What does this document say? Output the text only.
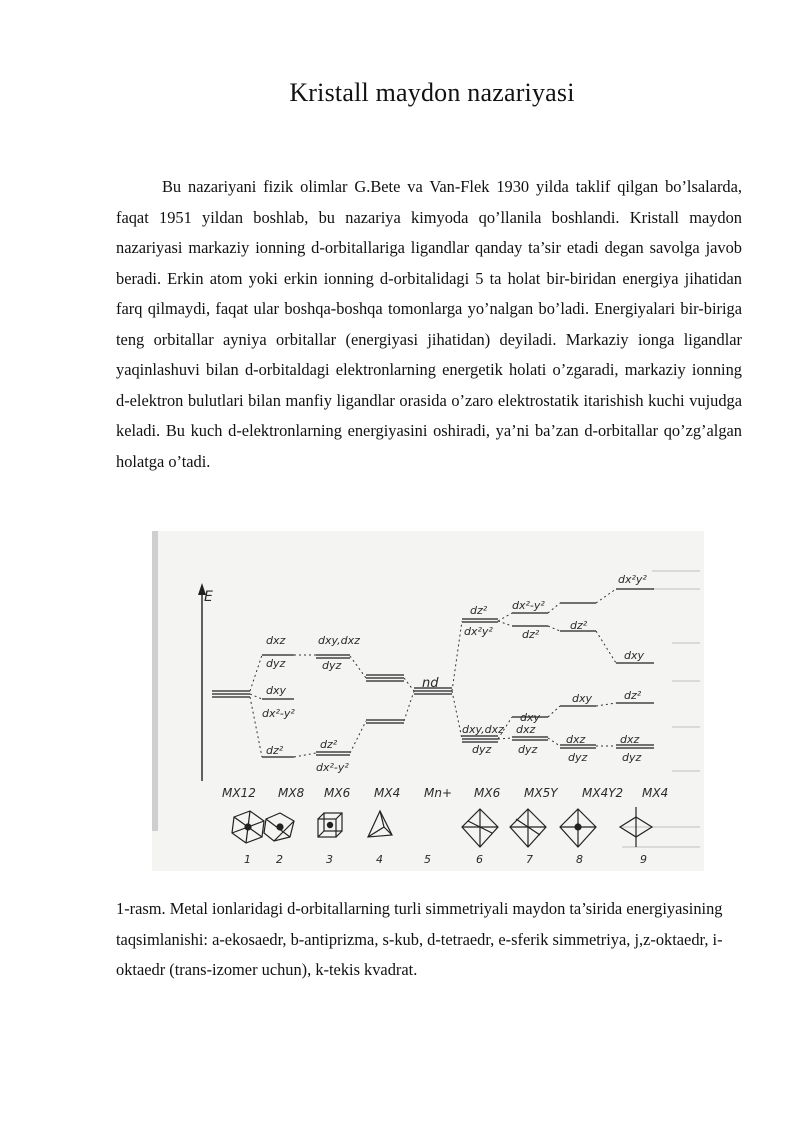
Kristall maydon nazariyasi

Bu nazariyani fizik olimlar G.Bete va Van-Flek 1930 yilda taklif qilgan bo’lsalarda, faqat 1951 yildan boshlab, bu nazariya kimyoda qo’llanila boshlandi. Kristall maydon nazariyasi markaziy ionning d-orbitallariga ligandlar qanday ta’sir etadi degan savolga javob beradi. Erkin atom yoki erkin ionning d-orbitalidagi 5 ta holat bir-biridan energiya jihatidan farq qilmaydi, faqat ular boshqa-boshqa tomonlarga yo’nalgan bo’ladi. Energiyalari bir-biriga teng orbitallar ayniya orbitallar (energiyasi jihatidan) deyiladi. Markaziy ionga ligandlar yaqinlashuvi bilan d-orbitaldagi elektronlarning energetik holati o’zgaradi, markaziy ionning d-elektron bulutlari bilan manfiy ligandlar orasida o’zaro elektrostatik itarishish kuchi vujudga keladi. Bu kuch d-elektronlarning energiyasini oshiradi, ya’ni ba’zan d-orbitallar qo’zg’algan holatga o’tadi.

E
dxz
dyz
dxy
dx²-y²
dz²
dxy,dxz
dyz
dz²
dx²-y²
dz²
dx²y²
dx²-y²
dz²
dxy,dxz
dyz
dxy
dxz
dyz
dz²
dxy
dxz
dyz
dx²y²
dxy
dz²
dxz
dyz
nd
MX12 MX8 MX6 MX4 Mn+ MX6 MX5Y MX4Y2 MX4
1 2	3	4	5	6	7	8	9

1-rasm. Metal ionlaridagi d-orbitallarning turli simmetriyali maydon ta’sirida energiyasining taqsimlanishi: a-ekosaedr, b-antiprizma, s-kub, d-tetraedr, e-sferik simmetriya, j,z-oktaedr, i-oktaedr (trans-izomer uchun), k-tekis kvadrat.
